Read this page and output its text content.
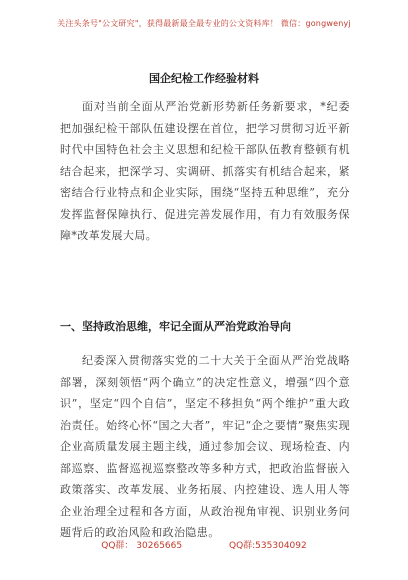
关注头条号"公文研究"，获得最新最全最专业的公文资料库！ 微信：gongwenyj
国企纪检工作经验材料
面对当前全面从严治党新形势新任务新要求，*纪委把加强纪检干部队伍建设摆在首位，把学习贯彻习近平新时代中国特色社会主义思想和纪检干部队伍教育整顿有机结合起来，把深学习、实调研、抓落实有机结合起来，紧密结合行业特点和企业实际，围绕“坚持五种思维”，充分发挥监督保障执行、促进完善发展作用，有力有效服务保障*改革发展大局。
一、坚持政治思维，牢记全面从严治党政治导向
纪委深入贯彻落实党的二十大关于全面从严治党战略部署，深刻领悟“两个确立”的决定性意义，增强“四个意识”，坚定“四个自信”，坚定不移担负“两个维护”重大政治责任。始终心怀“国之大者”，牢记“企之要情”聚焦实现企业高质量发展主题主线，通过参加会议、现场检查、内部巡察、监督巡视巡察整改等多种方式，把政治监督嵌入政策落实、改革发展、业务拓展、内控建设、选人用人等企业治理全过程和各方面，从政治视角审视、识别业务问题背后的政治风险和政治隐患。
QQ群： 30265665	QQ群:535304092
